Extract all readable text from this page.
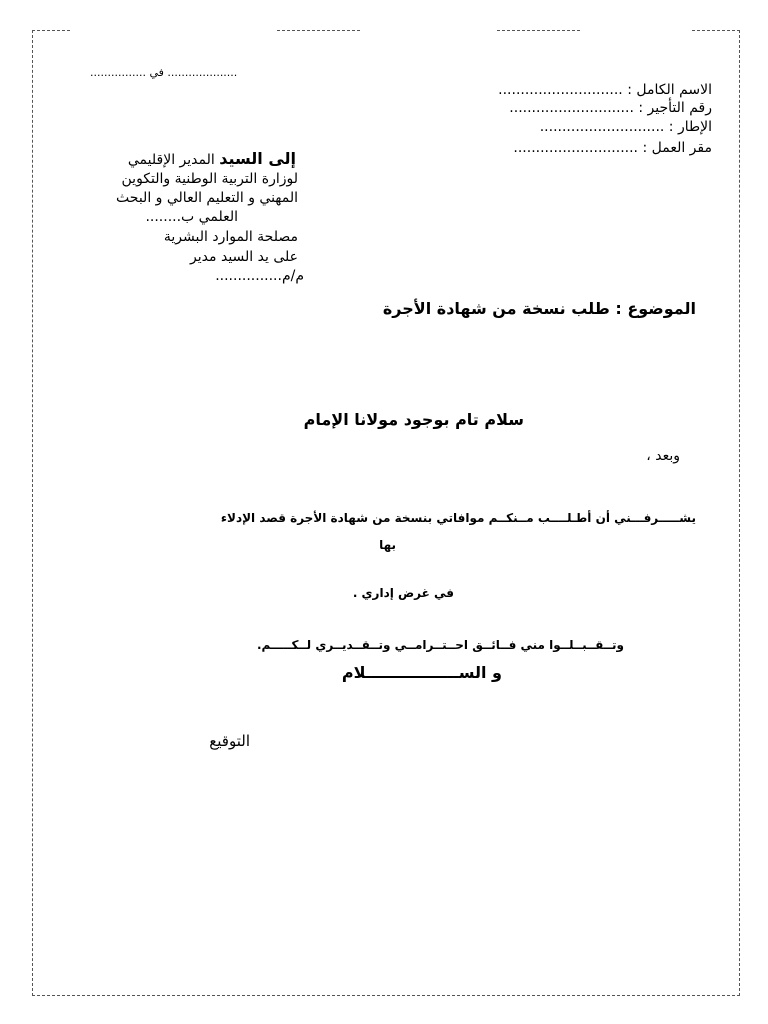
.................... في ................
الاسم الكامل : ............................
رقم التأجير : ............................
الإطار : ............................
مقر العمل : ............................
إلى السيد المدير الإقليمي
لوزارة التربية الوطنية والتكوين
المهني و التعليم العالي و البحث
العلمي ب........
مصلحة الموارد البشرية
على يد السيد مدير
م/م...............
الموضوع : طلب نسخة من شهادة الأجرة
سلام تام بوجود مولانا الإمام
وبعد ،
يشـــــرفـــني أن أطـلــــب مــنكــم موافاتي بنسخة من شهادة الأجرة قصد الإدلاء
بها
في غرض إداري .
وتــقــبــلــوا مني فــائــق احــتــرامــي وتــقــديــري لــكـــــم.
و الســـــــــــــــــلام
التوقيع
